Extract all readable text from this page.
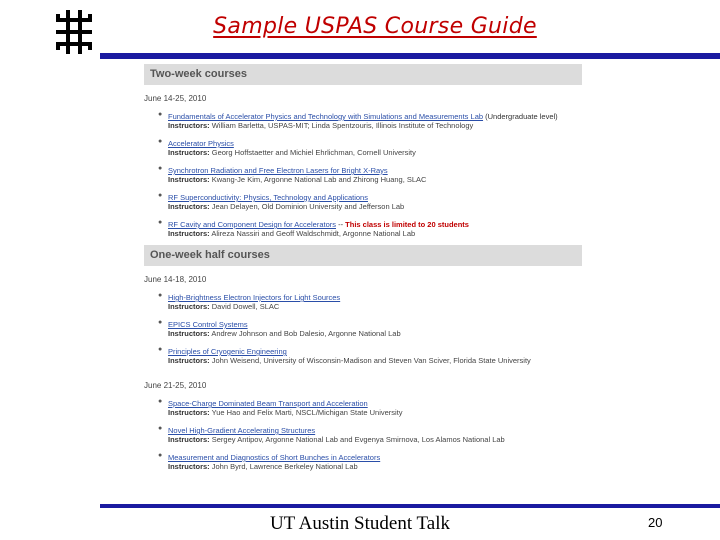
Sample USPAS Course Guide
Two-week courses
June 14-25, 2010
● Fundamentals of Accelerator Physics and Technology with Simulations and Measurements Lab (Undergraduate level)
Instructors: William Barletta, USPAS-MIT; Linda Spentzouris, Illinois Institute of Technology
● Accelerator Physics
Instructors: Georg Hoffstaetter and Michiel Ehrlichman, Cornell University
● Synchrotron Radiation and Free Electron Lasers for Bright X-Rays
Instructors: Kwang-Je Kim, Argonne National Lab and Zhirong Huang, SLAC
● RF Superconductivity: Physics, Technology and Applications
Instructors: Jean Delayen, Old Dominion University and Jefferson Lab
● RF Cavity and Component Design for Accelerators -- This class is limited to 20 students
Instructors: Alireza Nassiri and Geoff Waldschmidt, Argonne National Lab
One-week half courses
June 14-18, 2010
● High-Brightness Electron Injectors for Light Sources
Instructors: David Dowell, SLAC
● EPICS Control Systems
Instructors: Andrew Johnson and Bob Dalesio, Argonne National Lab
● Principles of Cryogenic Engineering
Instructors: John Weisend, University of Wisconsin-Madison and Steven Van Sciver, Florida State University
June 21-25, 2010
● Space-Charge Dominated Beam Transport and Acceleration
Instructors: Yue Hao and Felix Marti, NSCL/Michigan State University
● Novel High-Gradient Accelerating Structures
Instructors: Sergey Antipov, Argonne National Lab and Evgenya Smirnova, Los Alamos National Lab
● Measurement and Diagnostics of Short Bunches in Accelerators
Instructors: John Byrd, Lawrence Berkeley National Lab
UT Austin Student Talk	20
